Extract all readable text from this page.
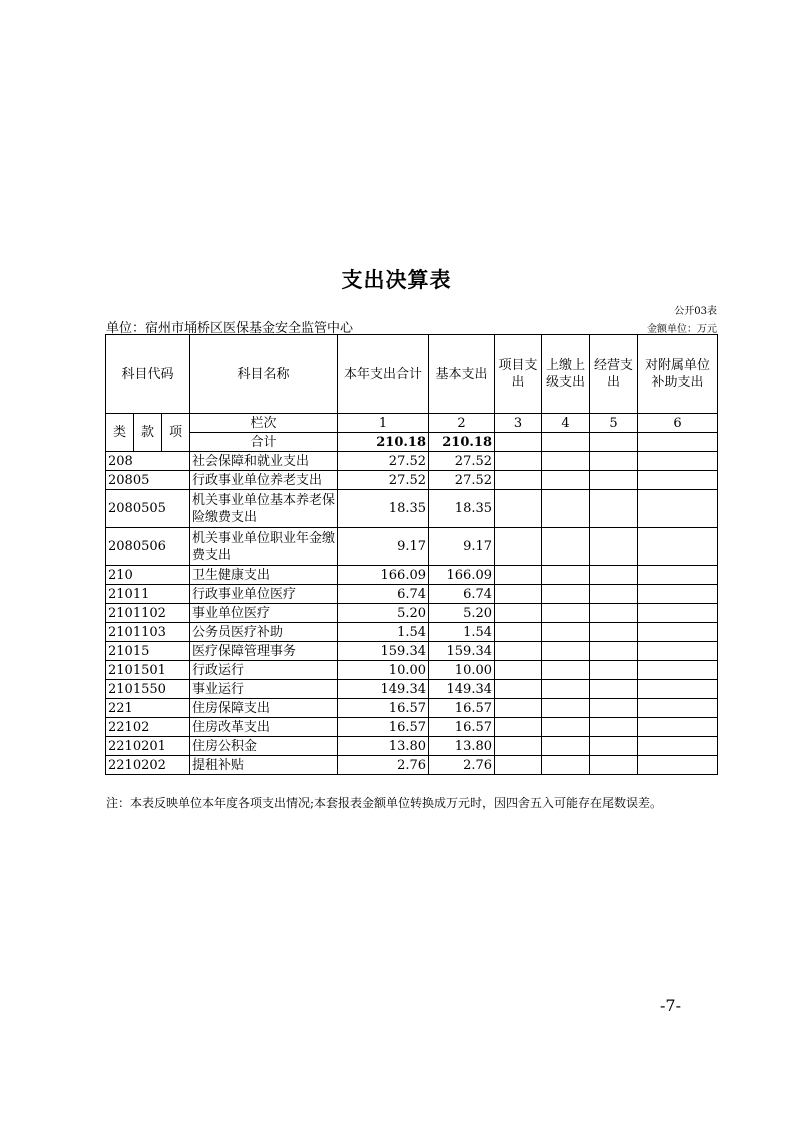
支出决算表
公开03表
单位：宿州市埇桥区医保基金安全监管中心	金额单位：万元
科目代码			科目名称	本年支出合计	基本支出	项目支出	上缴上级支出	经营支出	对附属单位补助支出
类	款	项	栏次	1	2	3	4	5	6
			合计	210.18	210.18				
208			社会保障和就业支出	27.52	27.52				
20805			行政事业单位养老支出	27.52	27.52				
2080505			机关事业单位基本养老保险缴费支出	18.35	18.35				
2080506			机关事业单位职业年金缴费支出	9.17	9.17				
210			卫生健康支出	166.09	166.09				
21011			行政事业单位医疗	6.74	6.74				
2101102			事业单位医疗	5.20	5.20				
2101103			公务员医疗补助	1.54	1.54				
21015			医疗保障管理事务	159.34	159.34				
2101501			行政运行	10.00	10.00				
2101550			事业运行	149.34	149.34				
221			住房保障支出	16.57	16.57				
22102			住房改革支出	16.57	16.57				
2210201			住房公积金	13.80	13.80				
2210202			提租补贴	2.76	2.76				
注：本表反映单位本年度各项支出情况;本套报表金额单位转换成万元时，因四舍五入可能存在尾数误差。
-7-
